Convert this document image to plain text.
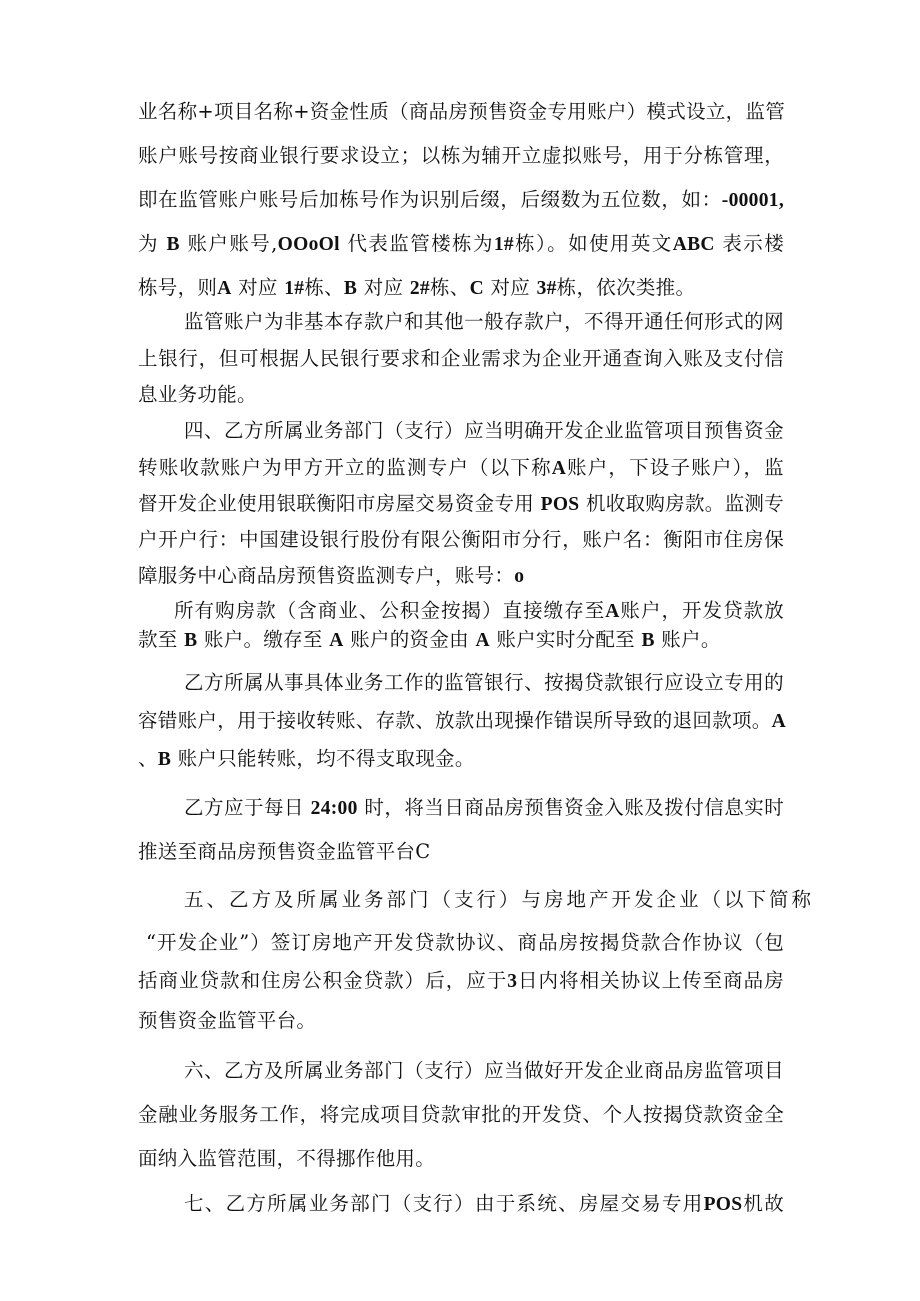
业名称+项目名称+资金性质（商品房预售资金专用账户）模式设立，监管
账户账号按商业银行要求设立；以栋为辅开立虚拟账号，用于分栋管理，
即在监管账户账号后加栋号作为识别后缀，后缀数为五位数，如：-00001,
为 B 账户账号,OOoOl 代表监管楼栋为1#栋）。如使用英文ABC 表示楼
栋号，则A 对应 1#栋、B 对应 2#栋、C 对应 3#栋，依次类推。
监管账户为非基本存款户和其他一般存款户，不得开通任何形式的网
上银行，但可根据人民银行要求和企业需求为企业开通查询入账及支付信
息业务功能。
四、乙方所属业务部门（支行）应当明确开发企业监管项目预售资金
转账收款账户为甲方开立的监测专户（以下称A账户，下设子账户），监
督开发企业使用银联衡阳市房屋交易资金专用 POS 机收取购房款。监测专
户开户行：中国建设银行股份有限公衡阳市分行，账户名：衡阳市住房保
障服务中心商品房预售资监测专户，账号：o
所有购房款（含商业、公积金按揭）直接缴存至A账户，开发贷款放
款至 B 账户。缴存至 A 账户的资金由 A 账户实时分配至 B 账户。
乙方所属从事具体业务工作的监管银行、按揭贷款银行应设立专用的
容错账户，用于接收转账、存款、放款出现操作错误所导致的退回款项。A
、B 账户只能转账，均不得支取现金。
乙方应于每日 24:00 时，将当日商品房预售资金入账及拨付信息实时
推送至商品房预售资金监管平台C
五、乙方及所属业务部门（支行）与房地产开发企业（以下简称
“开发企业”）签订房地产开发贷款协议、商品房按揭贷款合作协议（包
括商业贷款和住房公积金贷款）后，应于3日内将相关协议上传至商品房
预售资金监管平台。
六、乙方及所属业务部门（支行）应当做好开发企业商品房监管项目
金融业务服务工作，将完成项目贷款审批的开发贷、个人按揭贷款资金全
面纳入监管范围，不得挪作他用。
七、乙方所属业务部门（支行）由于系统、房屋交易专用POS机故
